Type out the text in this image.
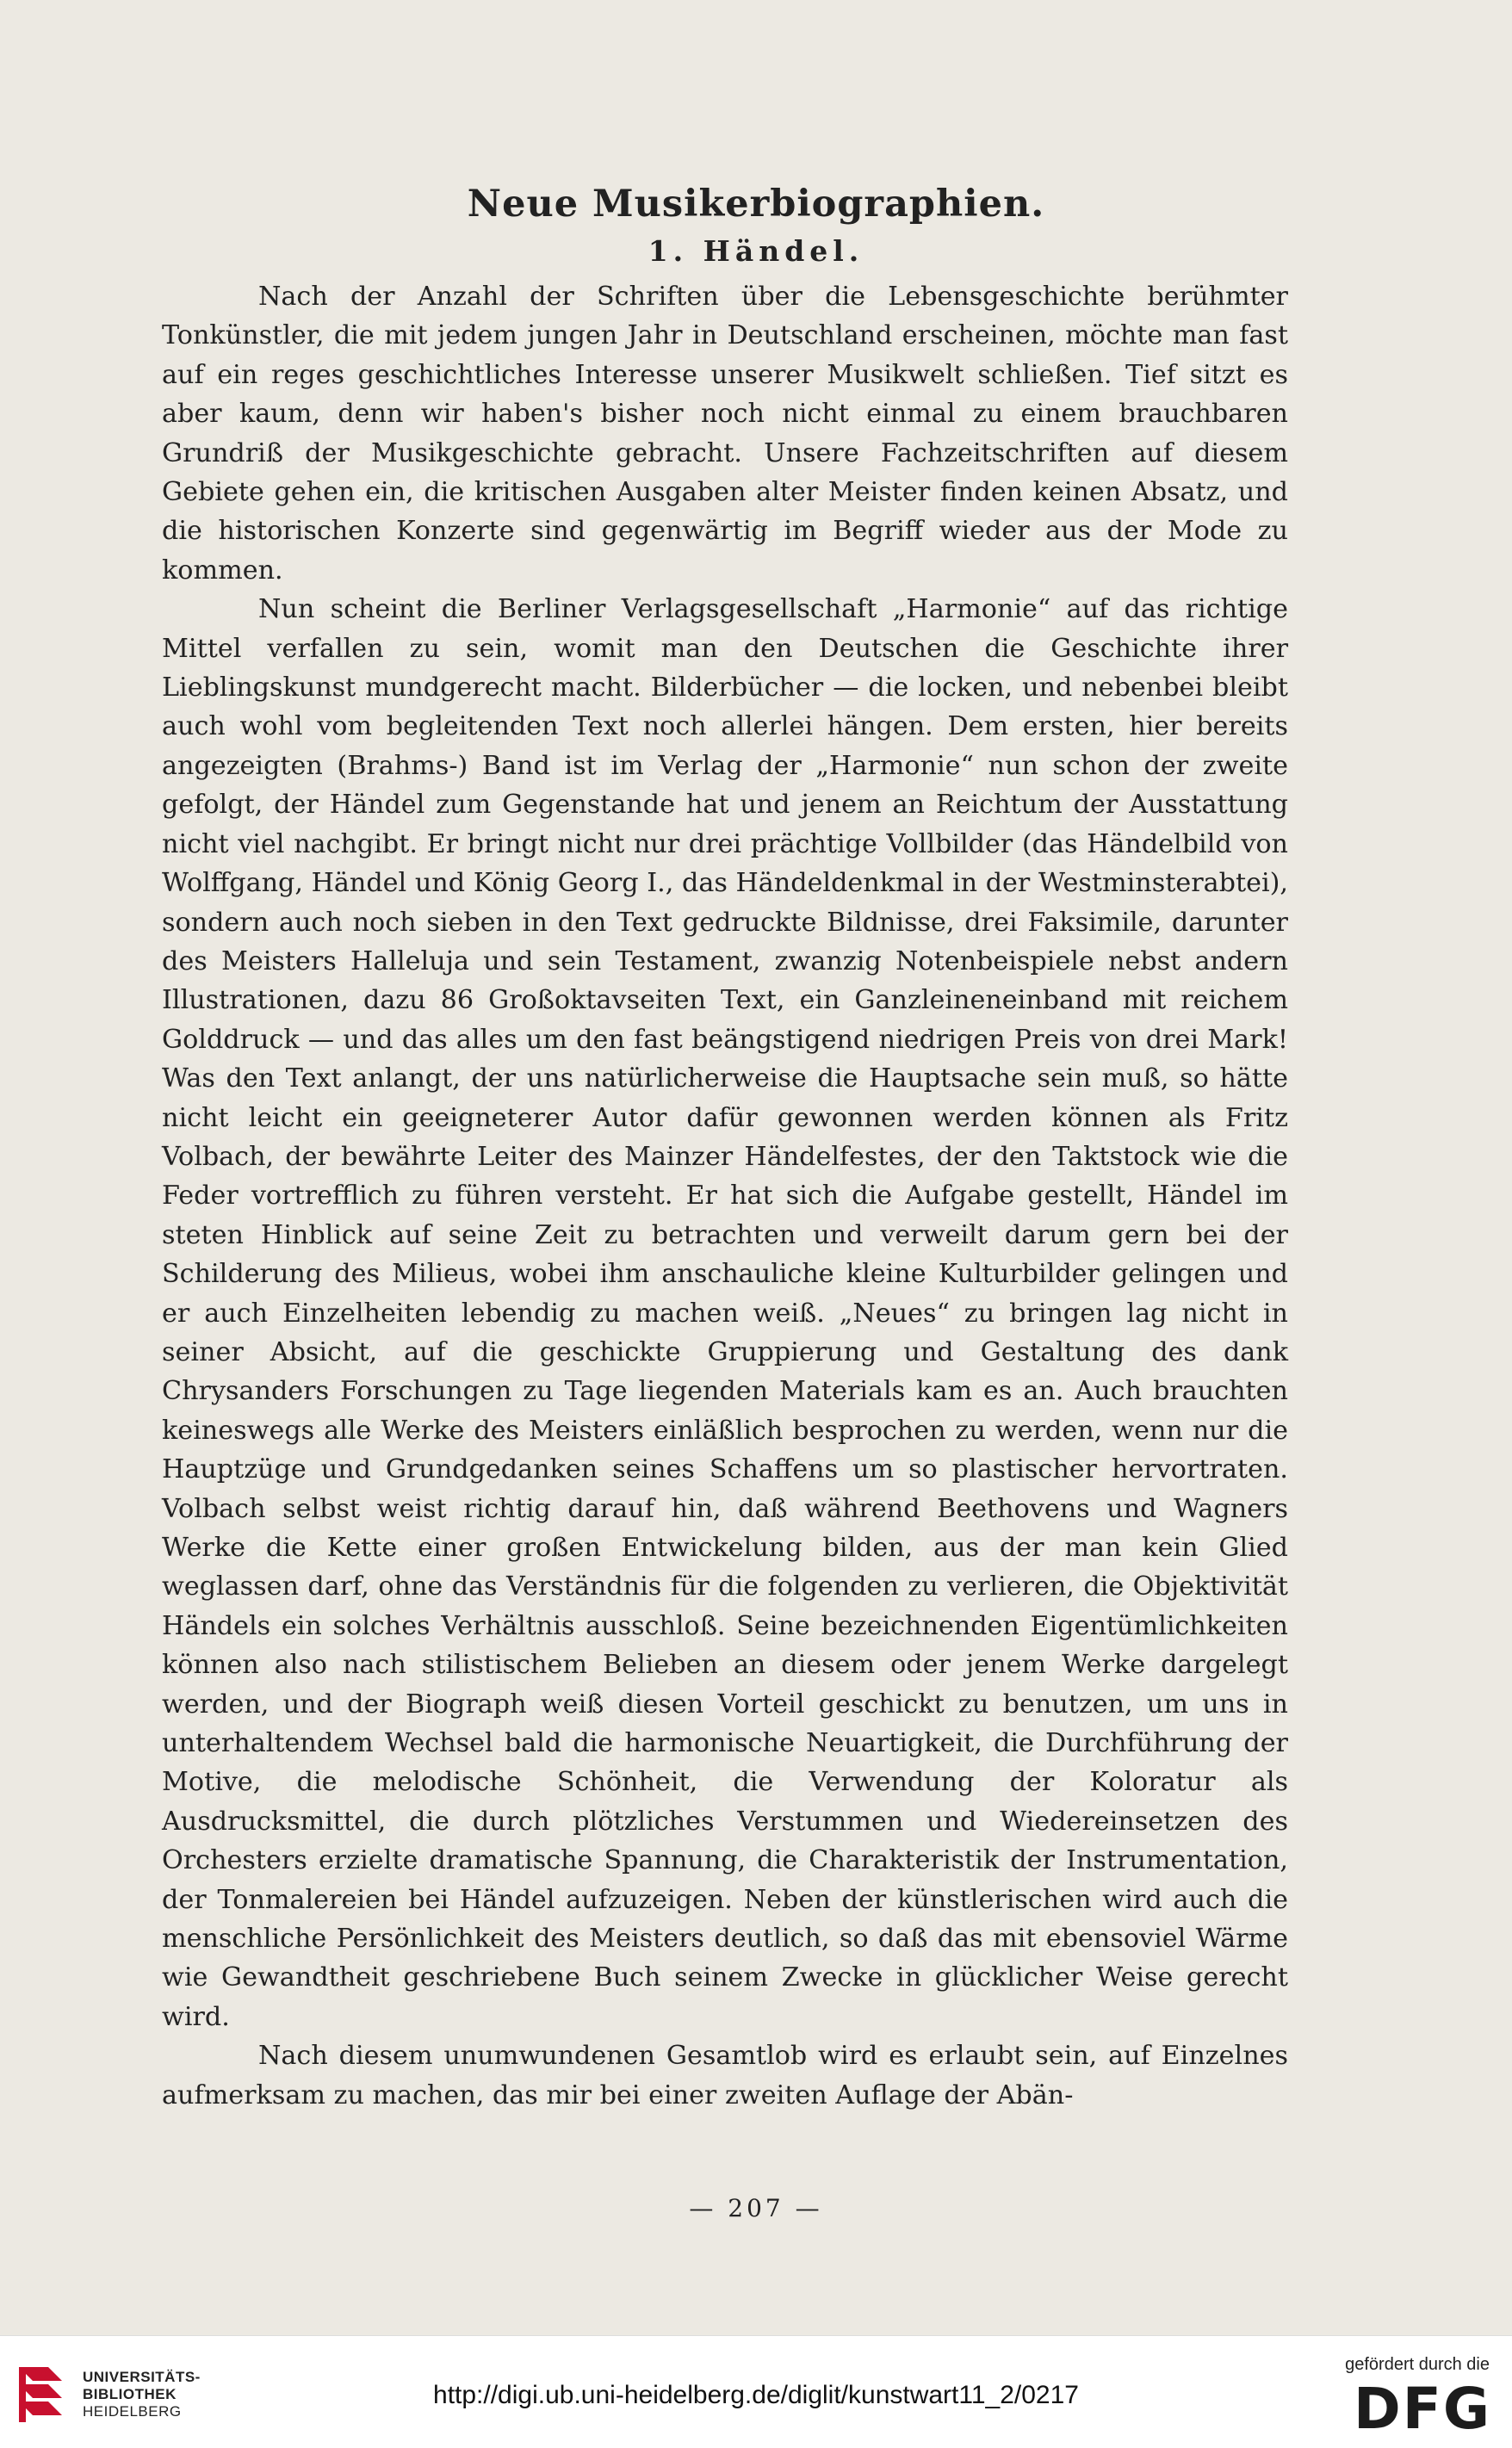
Neue Musikerbiographien.
1. Händel.

Nach der Anzahl der Schriften über die Lebensgeschichte berühmter Tonkünstler, die mit jedem jungen Jahr in Deutschland erscheinen, möchte man fast auf ein reges geschichtliches Interesse unserer Musikwelt schließen. Tief sitzt es aber kaum, denn wir haben's bisher noch nicht einmal zu einem brauchbaren Grundriß der Musikgeschichte gebracht. Unsere Fachzeitschriften auf diesem Gebiete gehen ein, die kritischen Ausgaben alter Meister finden keinen Absatz, und die historischen Konzerte sind gegenwärtig im Begriff wieder aus der Mode zu kommen.

Nun scheint die Berliner Verlagsgesellschaft „Harmonie“ auf das richtige Mittel verfallen zu sein, womit man den Deutschen die Geschichte ihrer Lieblingskunst mundgerecht macht. Bilderbücher — die locken, und nebenbei bleibt auch wohl vom begleitenden Text noch allerlei hängen. Dem ersten, hier bereits angezeigten (Brahms-) Band ist im Verlag der „Harmonie“ nun schon der zweite gefolgt, der Händel zum Gegenstande hat und jenem an Reichtum der Ausstattung nicht viel nachgibt. Er bringt nicht nur drei prächtige Vollbilder (das Händelbild von Wolffgang, Händel und König Georg I., das Händeldenkmal in der Westminsterabtei), sondern auch noch sieben in den Text gedruckte Bildnisse, drei Faksimile, darunter des Meisters Halleluja und sein Testament, zwanzig Notenbeispiele nebst andern Illustrationen, dazu 86 Großoktavseiten Text, ein Ganzleineneinband mit reichem Golddruck — und das alles um den fast beängstigend niedrigen Preis von drei Mark! Was den Text anlangt, der uns natürlicherweise die Hauptsache sein muß, so hätte nicht leicht ein geeigneterer Autor dafür gewonnen werden können als Fritz Volbach, der bewährte Leiter des Mainzer Händelfestes, der den Taktstock wie die Feder vortrefflich zu führen versteht. Er hat sich die Aufgabe gestellt, Händel im steten Hinblick auf seine Zeit zu betrachten und verweilt darum gern bei der Schilderung des Milieus, wobei ihm anschauliche kleine Kulturbilder gelingen und er auch Einzelheiten lebendig zu machen weiß. „Neues“ zu bringen lag nicht in seiner Absicht, auf die geschickte Gruppierung und Gestaltung des dank Chrysanders Forschungen zu Tage liegenden Materials kam es an. Auch brauchten keineswegs alle Werke des Meisters einläßlich besprochen zu werden, wenn nur die Hauptzüge und Grundgedanken seines Schaffens um so plastischer hervortraten. Volbach selbst weist richtig darauf hin, daß während Beethovens und Wagners Werke die Kette einer großen Entwickelung bilden, aus der man kein Glied weglassen darf, ohne das Verständnis für die folgenden zu verlieren, die Objektivität Händels ein solches Verhältnis ausschloß. Seine bezeichnenden Eigentümlichkeiten können also nach stilistischem Belieben an diesem oder jenem Werke dargelegt werden, und der Biograph weiß diesen Vorteil geschickt zu benutzen, um uns in unterhaltendem Wechsel bald die harmonische Neuartigkeit, die Durchführung der Motive, die melodische Schönheit, die Verwendung der Koloratur als Ausdrucksmittel, die durch plötzliches Verstummen und Wiedereinsetzen des Orchesters erzielte dramatische Spannung, die Charakteristik der Instrumentation, der Tonmalereien bei Händel aufzuzeigen. Neben der künstlerischen wird auch die menschliche Persönlichkeit des Meisters deutlich, so daß das mit ebensoviel Wärme wie Gewandtheit geschriebene Buch seinem Zwecke in glücklicher Weise gerecht wird.

Nach diesem unumwundenen Gesamtlob wird es erlaubt sein, auf Einzelnes aufmerksam zu machen, das mir bei einer zweiten Auflage der Abän-

— 207 —
UNIVERSITÄTS-
BIBLIOTHEK
HEIDELBERG
http://digi.ub.uni-heidelberg.de/diglit/kunstwart11_2/0217
gefördert durch die
DFG
